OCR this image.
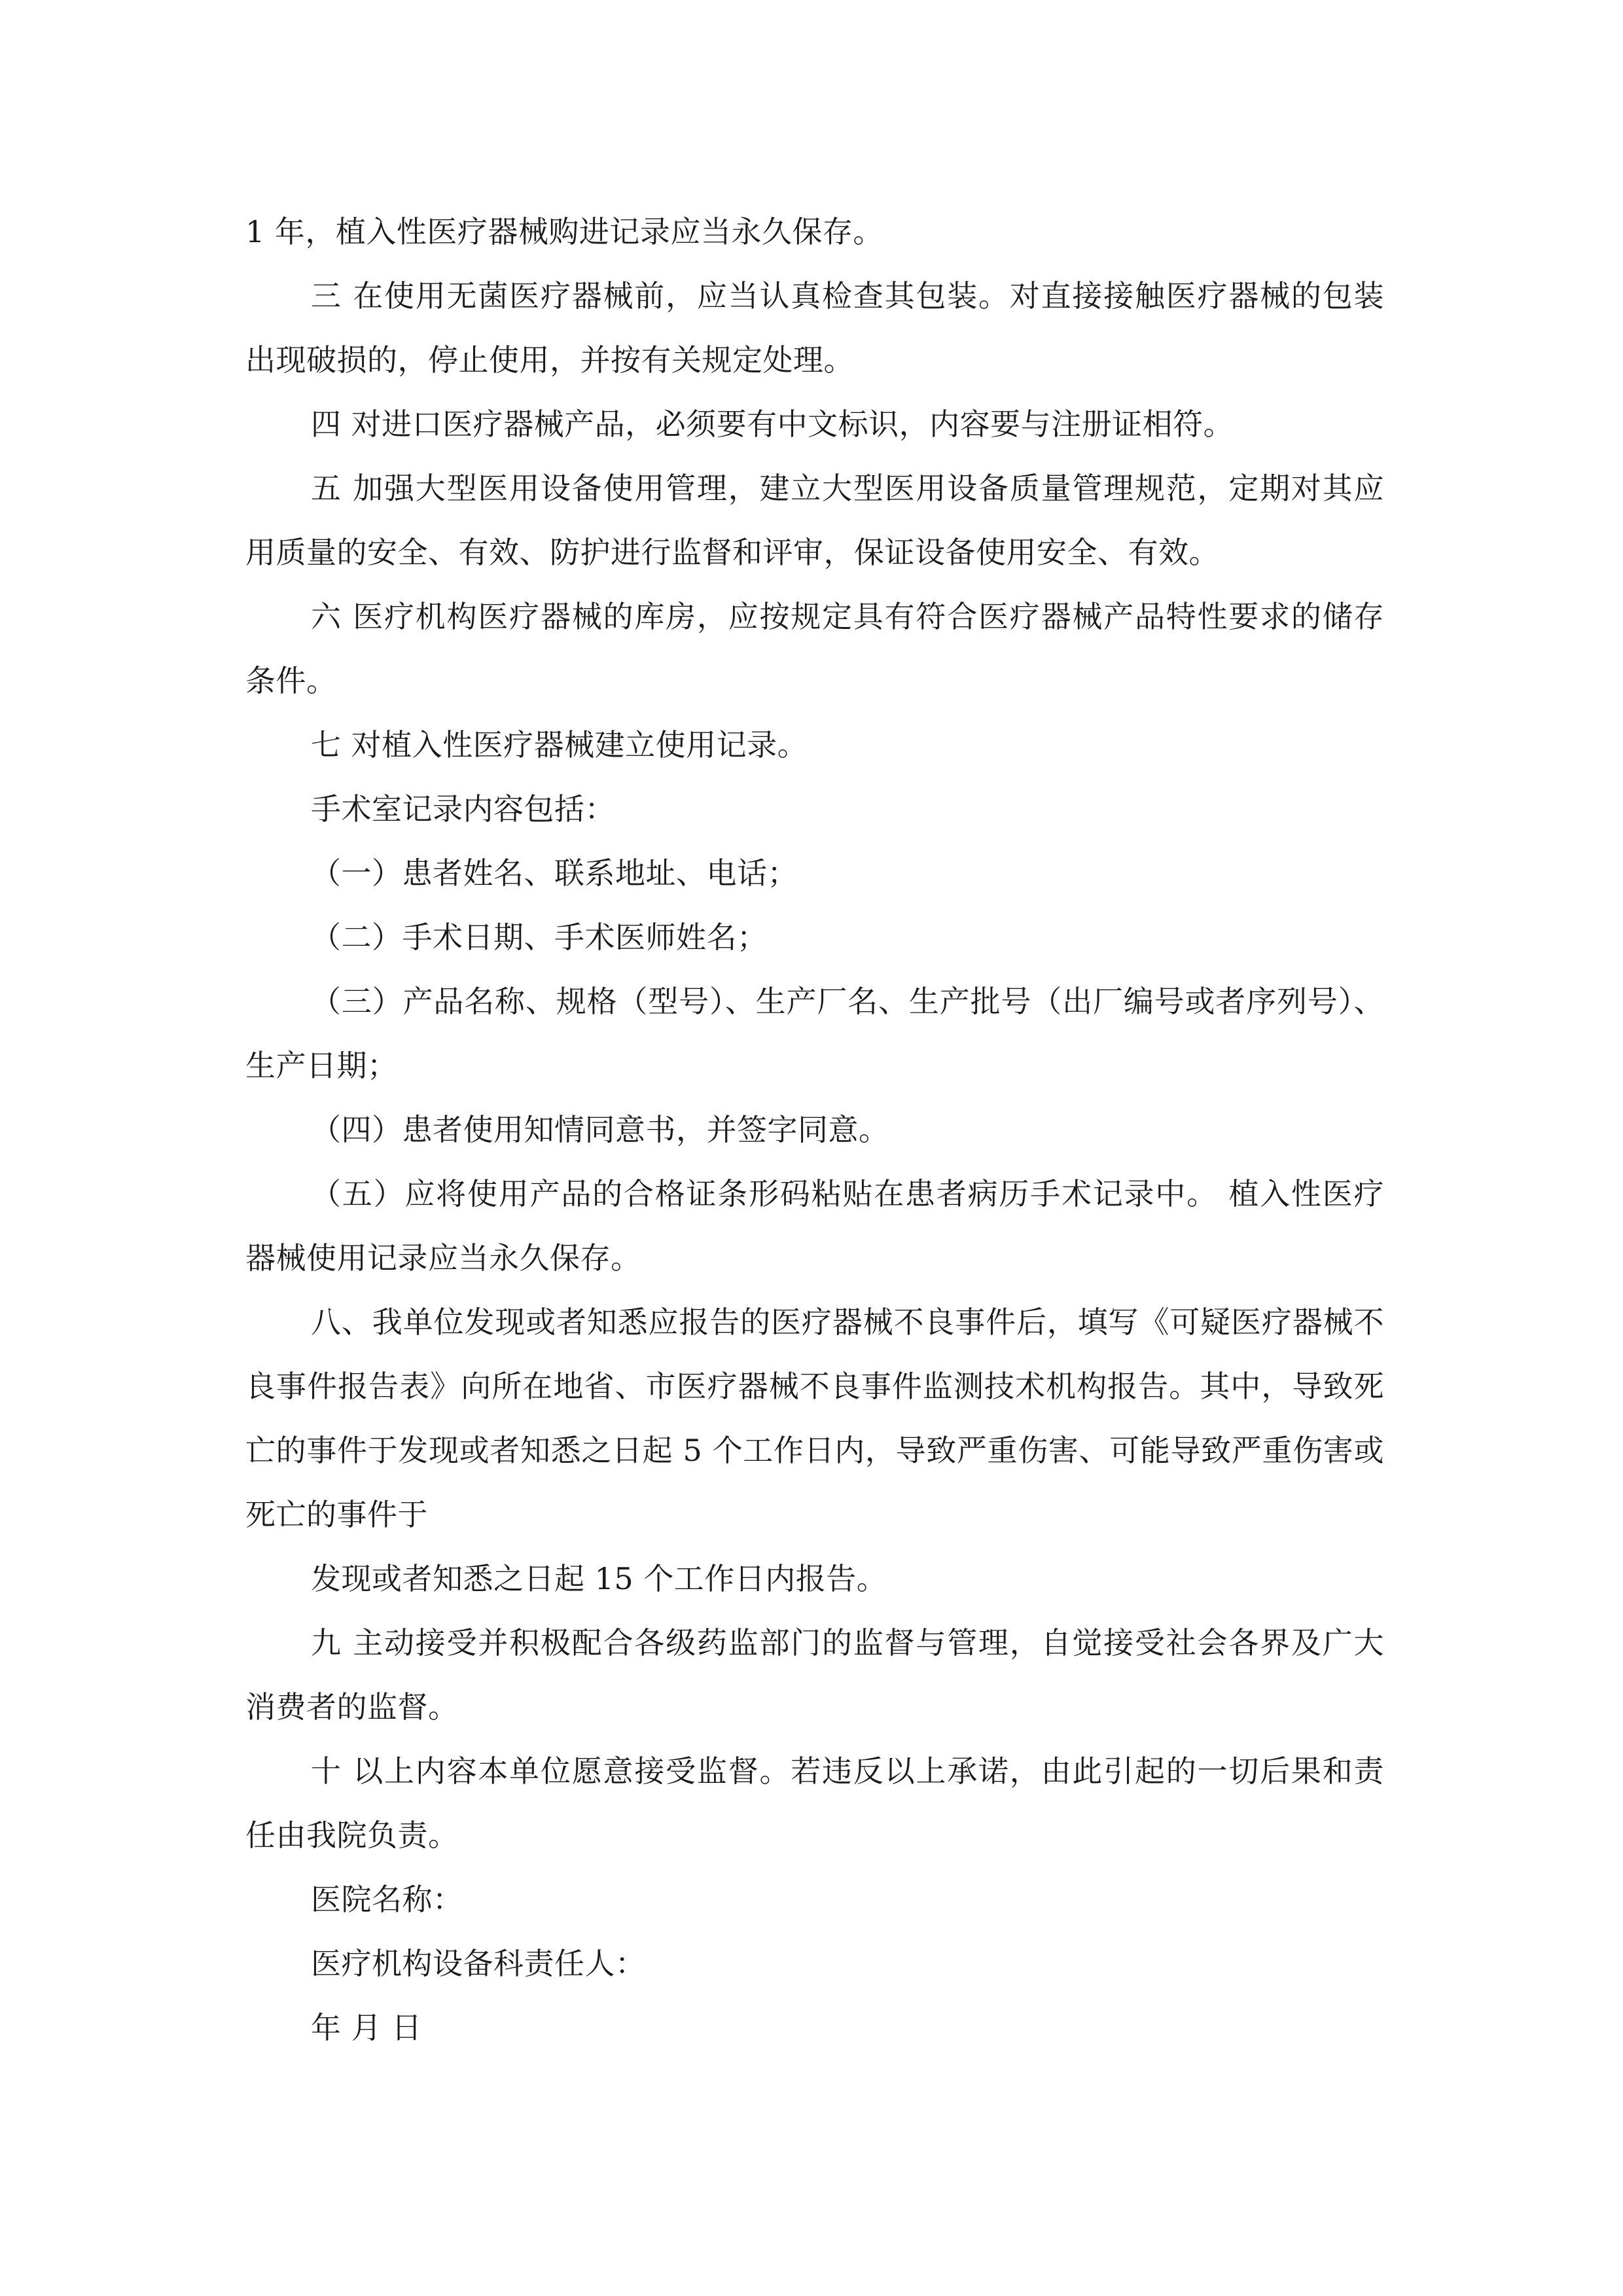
1 年，植入性医疗器械购进记录应当永久保存。

三 在使用无菌医疗器械前，应当认真检查其包装。对直接接触医疗器械的包装出现破损的，停止使用，并按有关规定处理。

四 对进口医疗器械产品，必须要有中文标识，内容要与注册证相符。

五 加强大型医用设备使用管理，建立大型医用设备质量管理规范，定期对其应用质量的安全、有效、防护进行监督和评审，保证设备使用安全、有效。

六 医疗机构医疗器械的库房，应按规定具有符合医疗器械产品特性要求的储存条件。

七 对植入性医疗器械建立使用记录。

手术室记录内容包括：

（一）患者姓名、联系地址、电话；

（二）手术日期、手术医师姓名；

（三）产品名称、规格（型号）、生产厂名、生产批号（出厂编号或者序列号）、生产日期；

（四）患者使用知情同意书，并签字同意。

（五）应将使用产品的合格证条形码粘贴在患者病历手术记录中。 植入性医疗器械使用记录应当永久保存。

八、我单位发现或者知悉应报告的医疗器械不良事件后，填写《可疑医疗器械不良事件报告表》向所在地省、市医疗器械不良事件监测技术机构报告。其中，导致死亡的事件于发现或者知悉之日起 5 个工作日内，导致严重伤害、可能导致严重伤害或死亡的事件于

发现或者知悉之日起 15 个工作日内报告。

九 主动接受并积极配合各级药监部门的监督与管理，自觉接受社会各界及广大消费者的监督。

十 以上内容本单位愿意接受监督。若违反以上承诺，由此引起的一切后果和责任由我院负责。

医院名称：

医疗机构设备科责任人：

年 月 日
